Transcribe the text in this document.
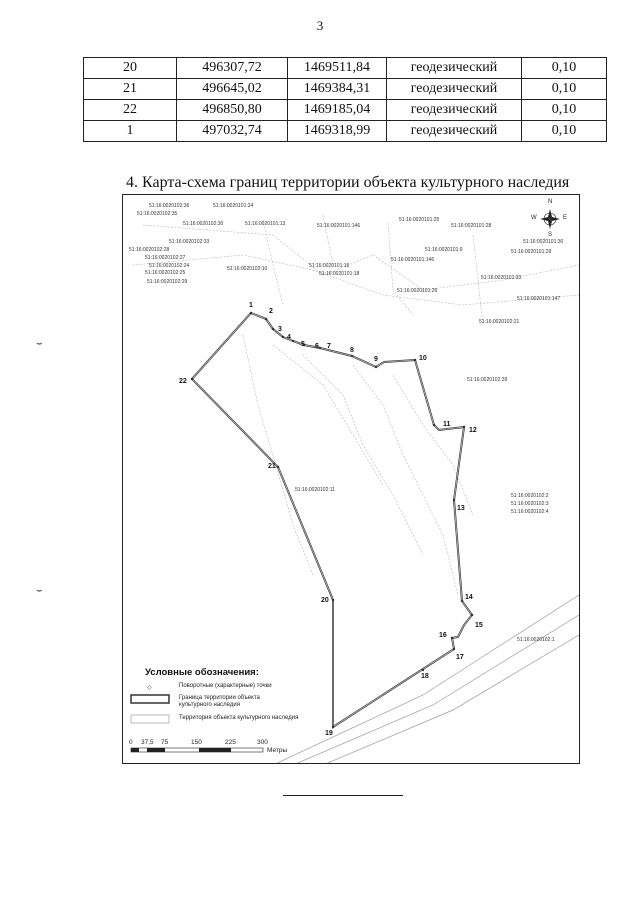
3
20	496307,72	1469511,84	геодезический	0,10
21	496645,02	1469384,31	геодезический	0,10
22	496850,80	1469185,04	геодезический	0,10
1	497032,74	1469318,99	геодезический	0,10
4. Карта-схема границ территории объекта культурного наследия
◇
51:16:0020102:36	51:16:0020101:24
51:16:0020102:35
51:16:0020102:30	51:16:0020101:13	51:16:0020101:146
51:16:0020101:25
51:16:0020101:28
51:16:0020102:33	51:16:0020101:30
51:16:0020101:9	51:16:0020101:29
51:16:0020102:28
51:16:0020101:146
51:16:0020102:27
51:16:0020102:24	51:16:0020102:10	51:16:0020101:16
51:16:0020102:25	51:16:0020101:18
51:16:0020101:33
51:16:0020102:29
51:16:0020101:26
51:16:0020101:147
51:16:0020102:21
51:16:0020102:39
51:16:0020102:11
51:16:0020102:2
51:16:0020102:3
51:16:0020102:4
51:16:0020102:1
1
2
3
4
5 6 7
8
9	10
11
12
13
14
15
16
17
18
19
20
21
22
N
E
S
W
Условные обозначения:
Поворотные (характерные) точки
Граница территории объекта культурного наследия
Территория объекта культурного наследия
0 37,5 75	150	225	300
Метры
⌣
⌣
